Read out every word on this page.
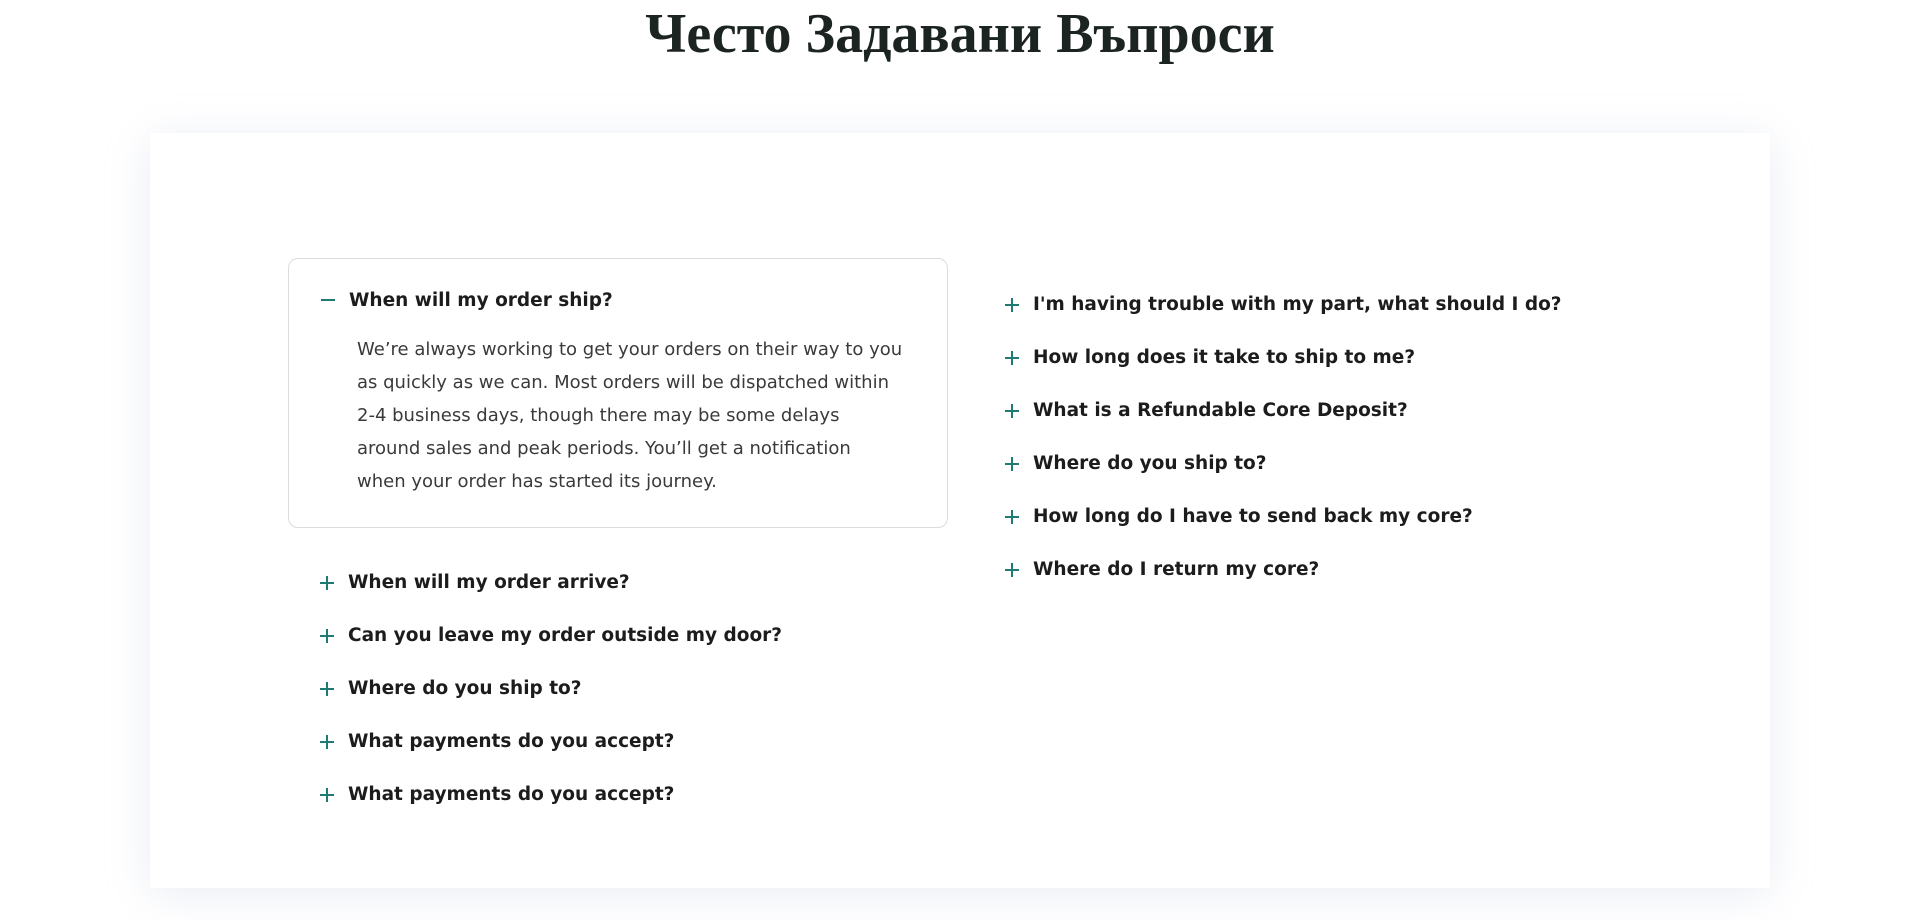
Често Задавани Въпроси
When will my order ship?

We’re always working to get your orders on their way to you as quickly as we can. Most orders will be dispatched within 2-4 business days, though there may be some delays around sales and peak periods. You’ll get a notification when your order has started its journey.

When will my order arrive?
Can you leave my order outside my door?
Where do you ship to?
What payments do you accept?
What payments do you accept?
I'm having trouble with my part, what should I do?
How long does it take to ship to me?
What is a Refundable Core Deposit?
Where do you ship to?
How long do I have to send back my core?
Where do I return my core?
